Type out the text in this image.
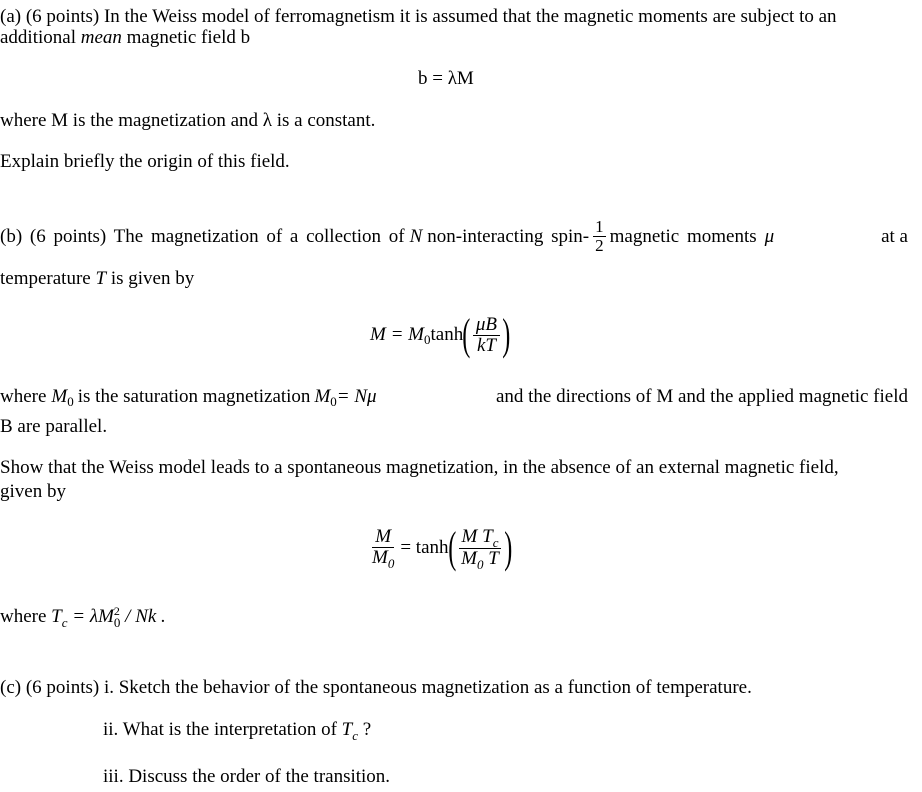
(a) (6 points) In the Weiss model of ferromagnetism it is assumed that the magnetic moments are subject to an
additional mean magnetic field b
b = λM
where M is the magnetization and λ is a constant.
Explain briefly the origin of this field.
(b) (6 points) The magnetization of a collection of N non-interacting spin- $\frac{1}{2}$ magnetic moments μ	at a
temperature T is given by
M = M 0 tanh ( $\frac{\mu B}{kT}$ )
where M 0 is the saturation magnetization M 0 = Nμ	and the directions of M and the applied magnetic field
B are parallel.
Show that the Weiss model leads to a spontaneous magnetization, in the absence of an external magnetic field,
given by
$\frac{M}{M_0} = \tanh$ ( $\frac{M T_c}{M_0 T}$ )
where $T_c = \lambda M^2_0 / Nk$ .
(c) (6 points) i. Sketch the behavior of the spontaneous magnetization as a function of temperature.
ii. What is the interpretation of $T_c$ ?
iii. Discuss the order of the transition.
